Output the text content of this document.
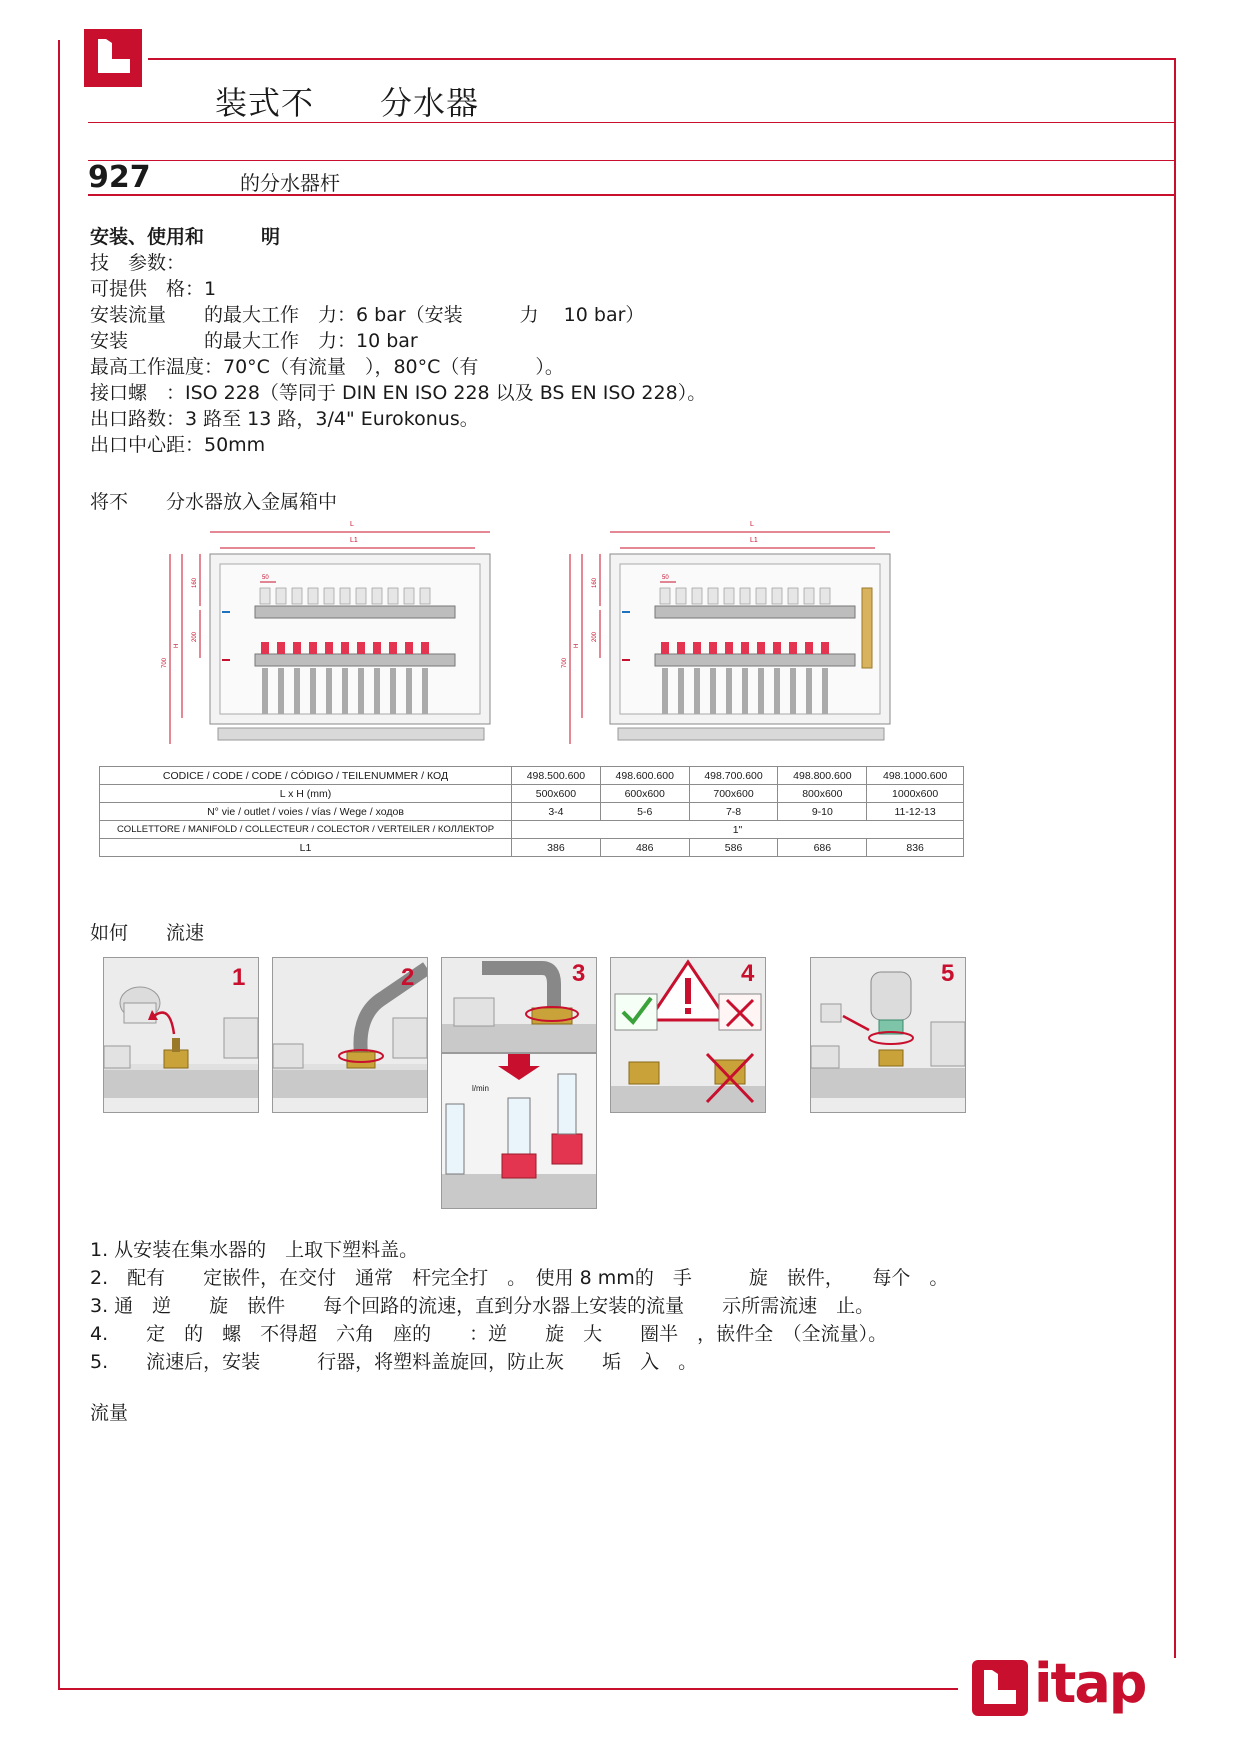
装式不　　分水器
927	的分水器杆
安装、使用和　　　明
技　参数：
可提供　格：1
安装流量　　的最大工作　力：6 bar（安装　　　力　 10 bar）
安装　　　　的最大工作　力：10 bar
最高工作温度：70°C（有流量　），80°C（有　　　）。
接口螺　：ISO 228（等同于 DIN EN ISO 228 以及 BS EN ISO 228）。
出口路数：3 路至 13 路，3/4" Eurokonus。
出口中心距：50mm
将不　　分水器放入金属箱中
L
L1
700
H
160
200
50
L
L1
700
H
160
200
50
CODICE / CODE / CODE / CÓDIGO / TEILENUMMER / КОД	498.500.600	498.600.600	498.700.600	498.800.600	498.1000.600
L x H (mm)	500x600	600x600	700x600	800x600	1000x600
N° vie / outlet / voies / vías / Wege / ходов	3-4	5-6	7-8	9-10	11-12-13
COLLETTORE / MANIFOLD / COLLECTEUR / COLECTOR / VERTEILER / КОЛЛЕКТОР	1"				
L1	386	486	586	686	836
如何　　流速
1	2	3
l/min
4	5
1. 从安装在集水器的　上取下塑料盖。
2.　配有　　定嵌件，在交付　通常　杆完全打　。　使用 8 mm的　手　　　旋　嵌件，　　每个　。
3. 通　逆　　旋　嵌件　　每个回路的流速，直到分水器上安装的流量　　示所需流速　止。
4.　　定　的　螺　不得超　六角　座的　　：逆　　旋　大　　圈半　，嵌件全　（全流量）。
5.　　流速后，安装　　　行器，将塑料盖旋回，防止灰　　垢　入　。
流量
itap
